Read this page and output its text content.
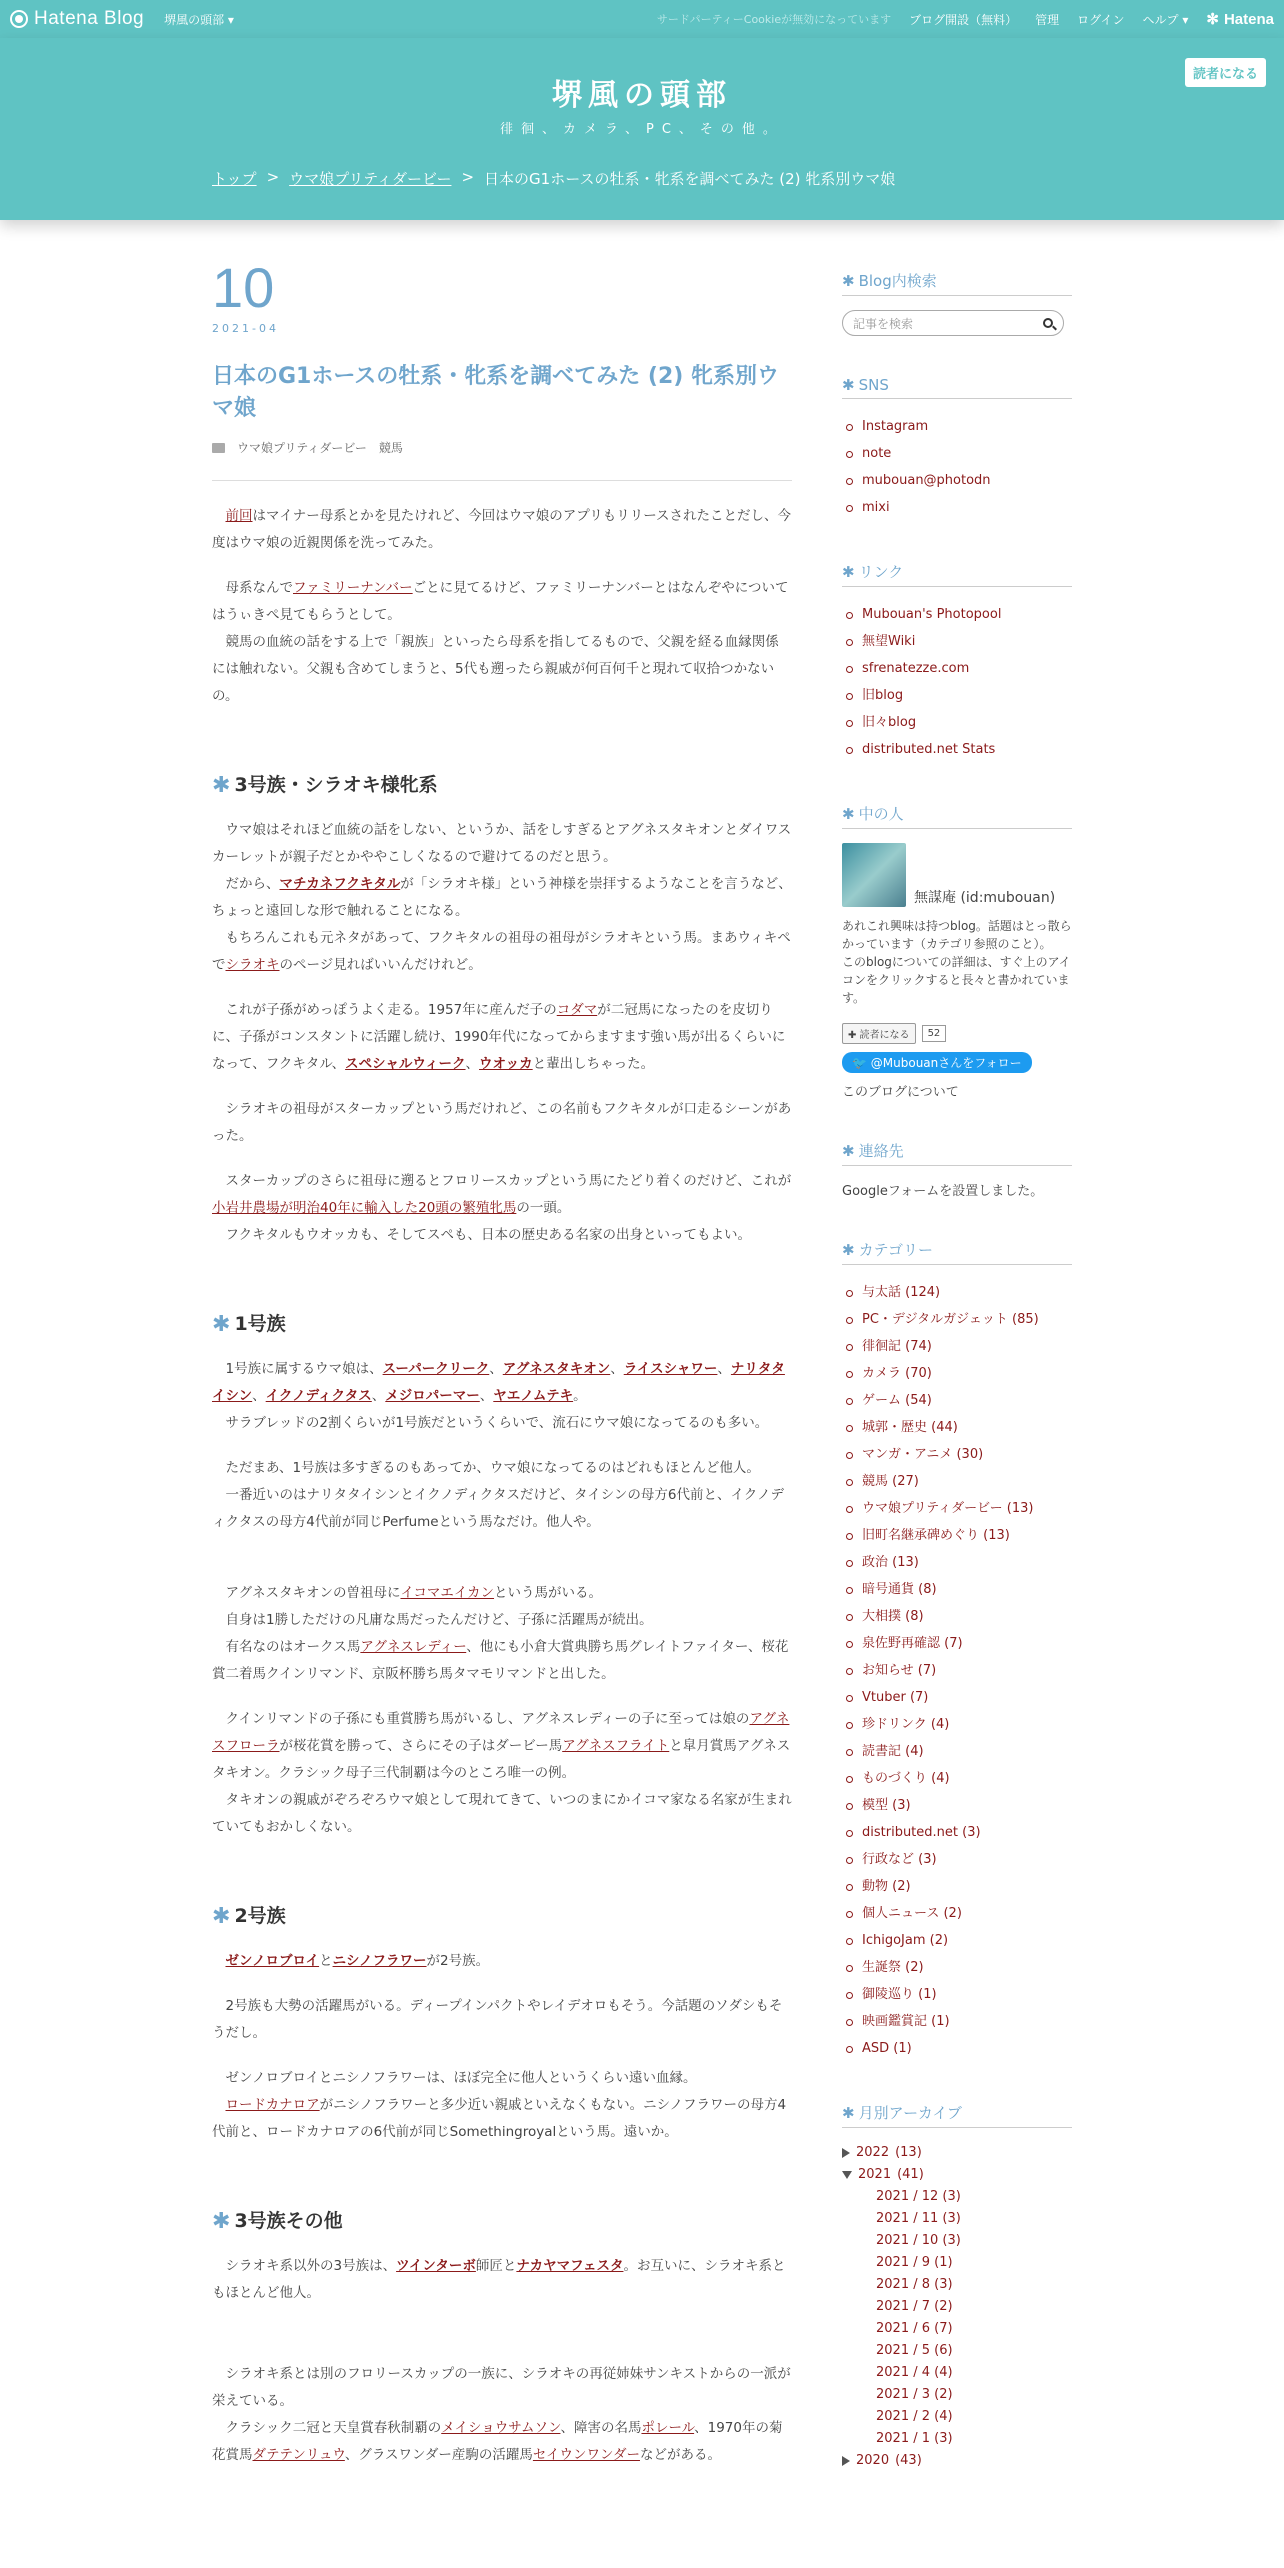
Hatena Blog 堺風の頭部 ▾	サードパーティーCookieが無効になっています ブログ開設（無料） 管理 ログイン ヘルプ ▾ ✻ Hatena
読者になる
堺風の頭部
徘徊、カメラ、PC、その他。
トップ > ウマ娘プリティダービー > 日本のG1ホースの牡系・牝系を調べてみた (2) 牝系別ウマ娘
10
2021-04
日本のG1ホースの牡系・牝系を調べてみた (2) 牝系別ウマ娘
ウマ娘プリティダービー 競馬

　前回はマイナー母系とかを見たけれど、今回はウマ娘のアプリもリリースされたことだし、今度はウマ娘の近親関係を洗ってみた。

　母系なんでファミリーナンバーごとに見てるけど、ファミリーナンバーとはなんぞやについてはうぃきぺ見てもらうとして。
　競馬の血統の話をする上で「親族」といったら母系を指してるもので、父親を経る血縁関係には触れない。父親も含めてしまうと、5代も遡ったら親戚が何百何千と現れて収拾つかないの。

✱ 3号族・シラオキ様牝系

　ウマ娘はそれほど血統の話をしない、というか、話をしすぎるとアグネスタキオンとダイワスカーレットが親子だとかややこしくなるので避けてるのだと思う。
　だから、マチカネフクキタルが「シラオキ様」という神様を崇拝するようなことを言うなど、ちょっと遠回しな形で触れることになる。
　もちろんこれも元ネタがあって、フクキタルの祖母の祖母がシラオキという馬。まあウィキペでシラオキのページ見ればいいんだけれど。

　これが子孫がめっぽうよく走る。1957年に産んだ子のコダマが二冠馬になったのを皮切りに、子孫がコンスタントに活躍し続け、1990年代になってからますます強い馬が出るくらいになって、フクキタル、スペシャルウィーク、ウオッカと輩出しちゃった。

　シラオキの祖母がスターカップという馬だけれど、この名前もフクキタルが口走るシーンがあった。

　スターカップのさらに祖母に遡るとフロリースカップという馬にたどり着くのだけど、これが小岩井農場が明治40年に輸入した20頭の繁殖牝馬の一頭。
　フクキタルもウオッカも、そしてスペも、日本の歴史ある名家の出身といってもよい。

✱ 1号族

　1号族に属するウマ娘は、スーパークリーク、アグネスタキオン、ライスシャワー、ナリタタイシン、イクノディクタス、メジロパーマー、ヤエノムテキ。
　サラブレッドの2割くらいが1号族だというくらいで、流石にウマ娘になってるのも多い。

　ただまあ、1号族は多すぎるのもあってか、ウマ娘になってるのはどれもほとんど他人。
　一番近いのはナリタタイシンとイクノディクタスだけど、タイシンの母方6代前と、イクノディクタスの母方4代前が同じPerfumeという馬なだけ。他人や。

　アグネスタキオンの曽祖母にイコマエイカンという馬がいる。
　自身は1勝しただけの凡庸な馬だったんだけど、子孫に活躍馬が続出。
　有名なのはオークス馬アグネスレディー、他にも小倉大賞典勝ち馬グレイトファイター、桜花賞二着馬クインリマンド、京阪杯勝ち馬タマモリマンドと出した。

　クインリマンドの子孫にも重賞勝ち馬がいるし、アグネスレディーの子に至っては娘のアグネスフローラが桜花賞を勝って、さらにその子はダービー馬アグネスフライトと皐月賞馬アグネスタキオン。クラシック母子三代制覇は今のところ唯一の例。
　タキオンの親戚がぞろぞろウマ娘として現れてきて、いつのまにかイコマ家なる名家が生まれていてもおかしくない。

✱ 2号族

　ゼンノロブロイとニシノフラワーが2号族。

　2号族も大勢の活躍馬がいる。ディープインパクトやレイデオロもそう。今話題のソダシもそうだし。

　ゼンノロブロイとニシノフラワーは、ほぼ完全に他人というくらい遠い血縁。
　ロードカナロアがニシノフラワーと多少近い親戚といえなくもない。ニシノフラワーの母方4代前と、ロードカナロアの6代前が同じSomethingroyalという馬。遠いか。

✱ 3号族その他

　シラオキ系以外の3号族は、ツインターボ師匠とナカヤマフェスタ。お互いに、シラオキ系ともほとんど他人。

　シラオキ系とは別のフロリースカップの一族に、シラオキの再従姉妹サンキストからの一派が栄えている。
　クラシック二冠と天皇賞春秋制覇のメイショウサムソン、障害の名馬ポレール、1970年の菊花賞馬ダテテンリュウ、グラスワンダー産駒の活躍馬セイウンワンダーなどがある。

✱ Blog内検索
記事を検索
✱ SNS
Instagram
note
mubouan@photodn
mixi
✱ リンク
Mubouan's Photopool
無望Wiki
sfrenatezze.com
旧blog
旧々blog
distributed.net Stats
✱ 中の人
無謀庵 (id:mubouan)
あれこれ興味は持つblog。話題はとっ散らかっています（カテゴリ参照のこと）。
このblogについての詳細は、すぐ上のアイコンをクリックすると長々と書かれています。
✚ 読者になる	52

🐦 @Mubouanさんをフォロー
このブログについて
✱ 連絡先
Googleフォームを設置しました。
✱ カテゴリー
与太話 (124)
PC・デジタルガジェット (85)
徘徊記 (74)
カメラ (70)
ゲーム (54)
城郭・歴史 (44)
マンガ・アニメ (30)
競馬 (27)
ウマ娘プリティダービー (13)
旧町名継承碑めぐり (13)
政治 (13)
暗号通貨 (8)
大相撲 (8)
泉佐野再確認 (7)
お知らせ (7)
Vtuber (7)
珍ドリンク (4)
読書記 (4)
ものづくり (4)
模型 (3)
distributed.net (3)
行政など (3)
動物 (2)
個人ニュース (2)
IchigoJam (2)
生誕祭 (2)
御陵巡り (1)
映画鑑賞記 (1)
ASD (1)
✱ 月別アーカイブ
2022 (13)
2021 (41)
2021 / 12 (3)
2021 / 11 (3)
2021 / 10 (3)
2021 / 9 (1)
2021 / 8 (3)
2021 / 7 (2)
2021 / 6 (7)
2021 / 5 (6)
2021 / 4 (4)
2021 / 3 (2)
2021 / 2 (4)
2021 / 1 (3)
2020 (43)
